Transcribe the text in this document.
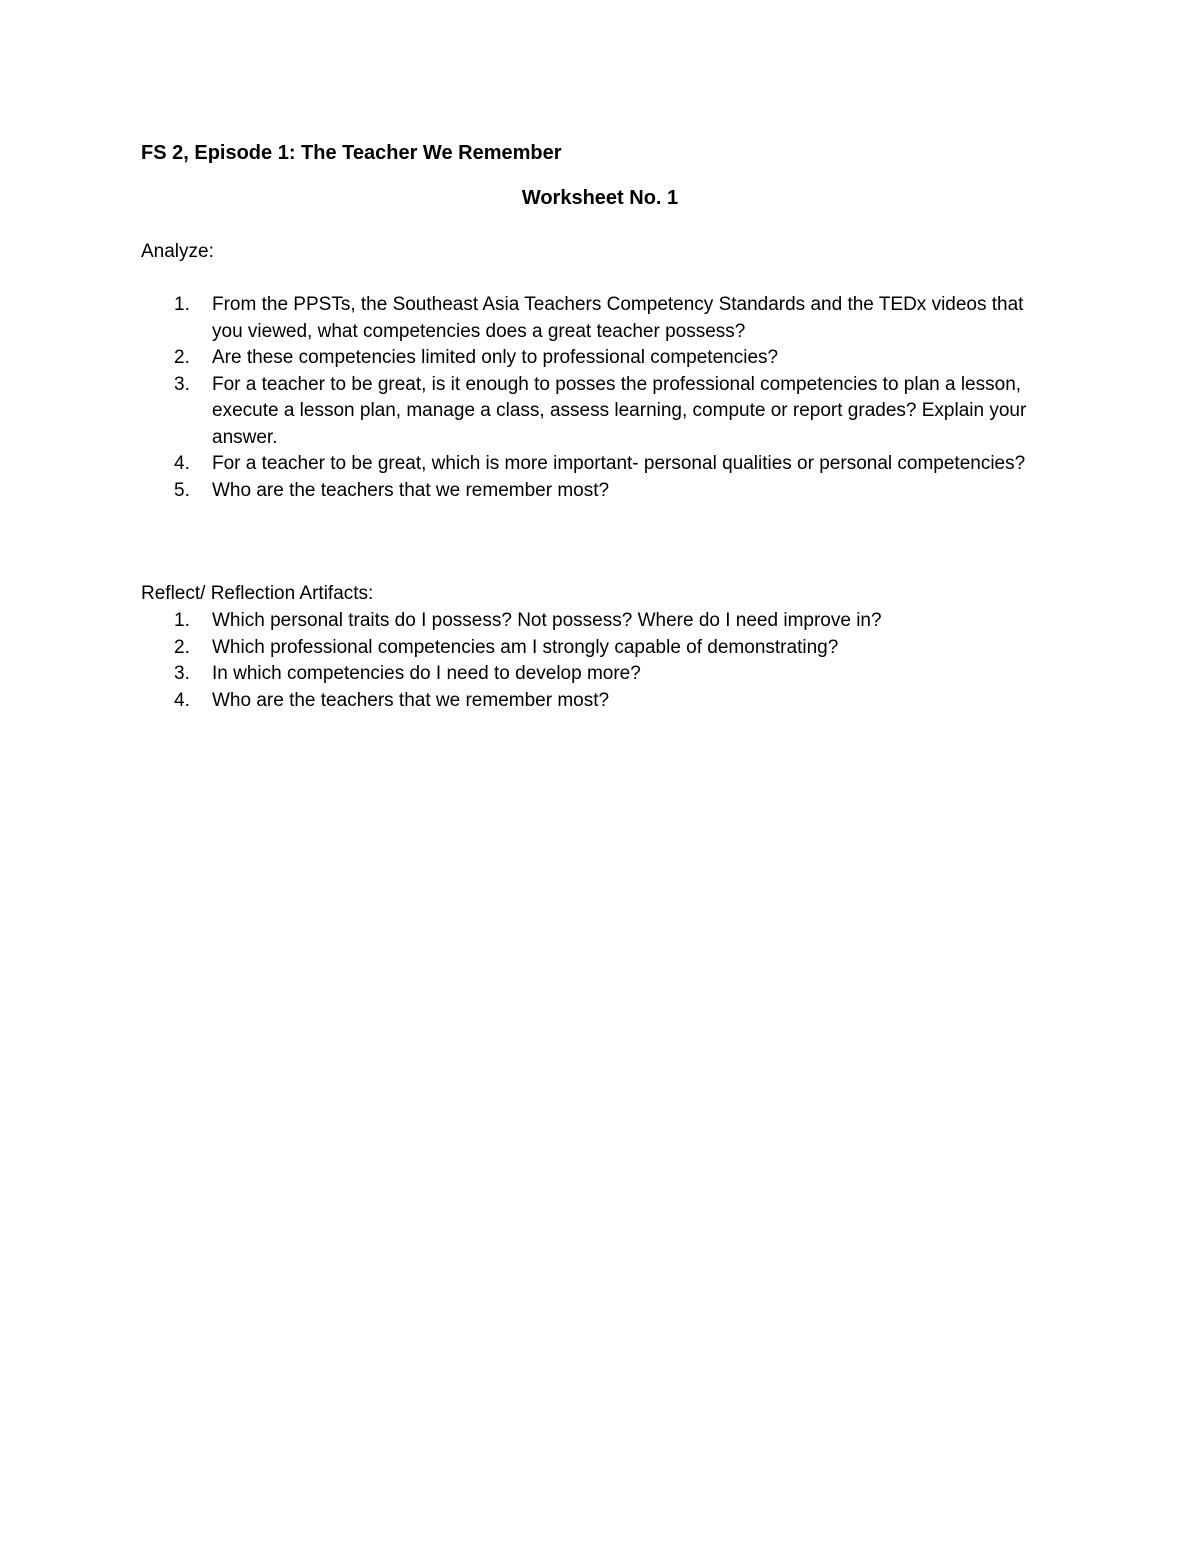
FS 2, Episode 1: The Teacher We Remember
Worksheet No. 1
Analyze:
1.	From the PPSTs, the Southeast Asia Teachers Competency Standards and the TEDx videos that you viewed, what competencies does a great teacher possess?
2.	Are these competencies limited only to professional competencies?
3.	For a teacher to be great, is it enough to posses the professional competencies to plan a lesson, execute a lesson plan, manage a class, assess learning, compute or report grades? Explain your answer.
4.	For a teacher to be great, which is more important- personal qualities or personal competencies?
5.	Who are the teachers that we remember most?
Reflect/ Reflection Artifacts:
1.	Which personal traits do I possess? Not possess? Where do I need improve in?
2.	Which professional competencies am I strongly capable of demonstrating?
3.	In which competencies do I need to develop more?
4.	Who are the teachers that we remember most?
